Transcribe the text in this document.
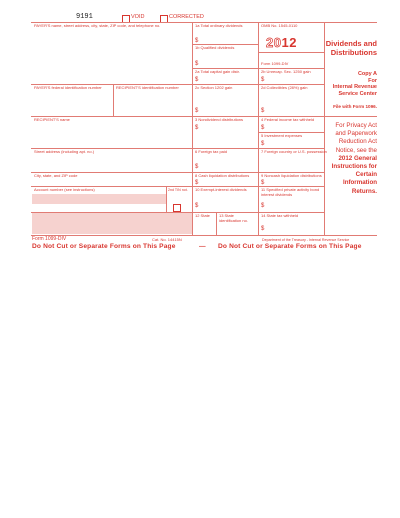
9191	VOID	CORRECTED
PAYER'S name, street address, city, state, ZIP code, and telephone no.
PAYER'S federal identification number	RECIPIENT'S identification number
RECIPIENT'S name
Street address (including apt. no.)
City, state, and ZIP code
Account number (see instructions)	2nd TIN not.
1a Total ordinary dividends
$
1b Qualified dividends
$
2a Total capital gain distr.
$
2b Unrecap. Sec. 1250 gain
$
2c Section 1202 gain
$
2d Collectibles (28%) gain
$
3 Nondividend distributions
$
4 Federal income tax withheld
$
5 Investment expenses
$
6 Foreign tax paid
$
7 Foreign country or U.S. possession
8 Cash liquidation distributions
$
9 Noncash liquidation distributions
$
10 Exempt-interest dividends
$
11 Specified private activity bond interest dividends
$
12 State 13 State identification no.
14 State tax withheld
$
OMB No. 1545-0110
2012
Form 1099-DIV
Dividends and
Distributions
Copy A
For
Internal Revenue
Service Center
File with Form 1096.
For Privacy Act
and Paperwork
Reduction Act
Notice, see the
2012 General
Instructions for
Certain
Information
Returns.
Form 1099-DIV	Cat. No. 14415N	Department of the Treasury - Internal Revenue Service
Do Not Cut or Separate Forms on This Page	— Do Not Cut or Separate Forms on This Page
